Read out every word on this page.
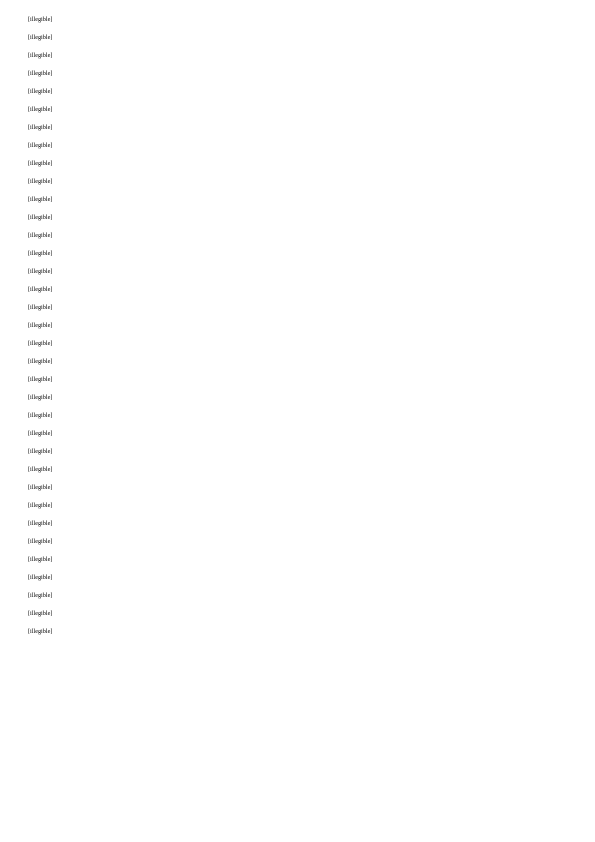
[illegible]

[illegible]

[illegible]

[illegible]

[illegible]

[illegible]

[illegible]

[illegible]

[illegible]

[illegible]

[illegible]

[illegible]

[illegible]

[illegible]

[illegible]

[illegible]

[illegible]

[illegible]

[illegible]

[illegible]

[illegible]

[illegible]

[illegible]

[illegible]

[illegible]

[illegible]

[illegible]

[illegible]

[illegible]

[illegible]

[illegible]

[illegible]

[illegible]

[illegible]

[illegible]
